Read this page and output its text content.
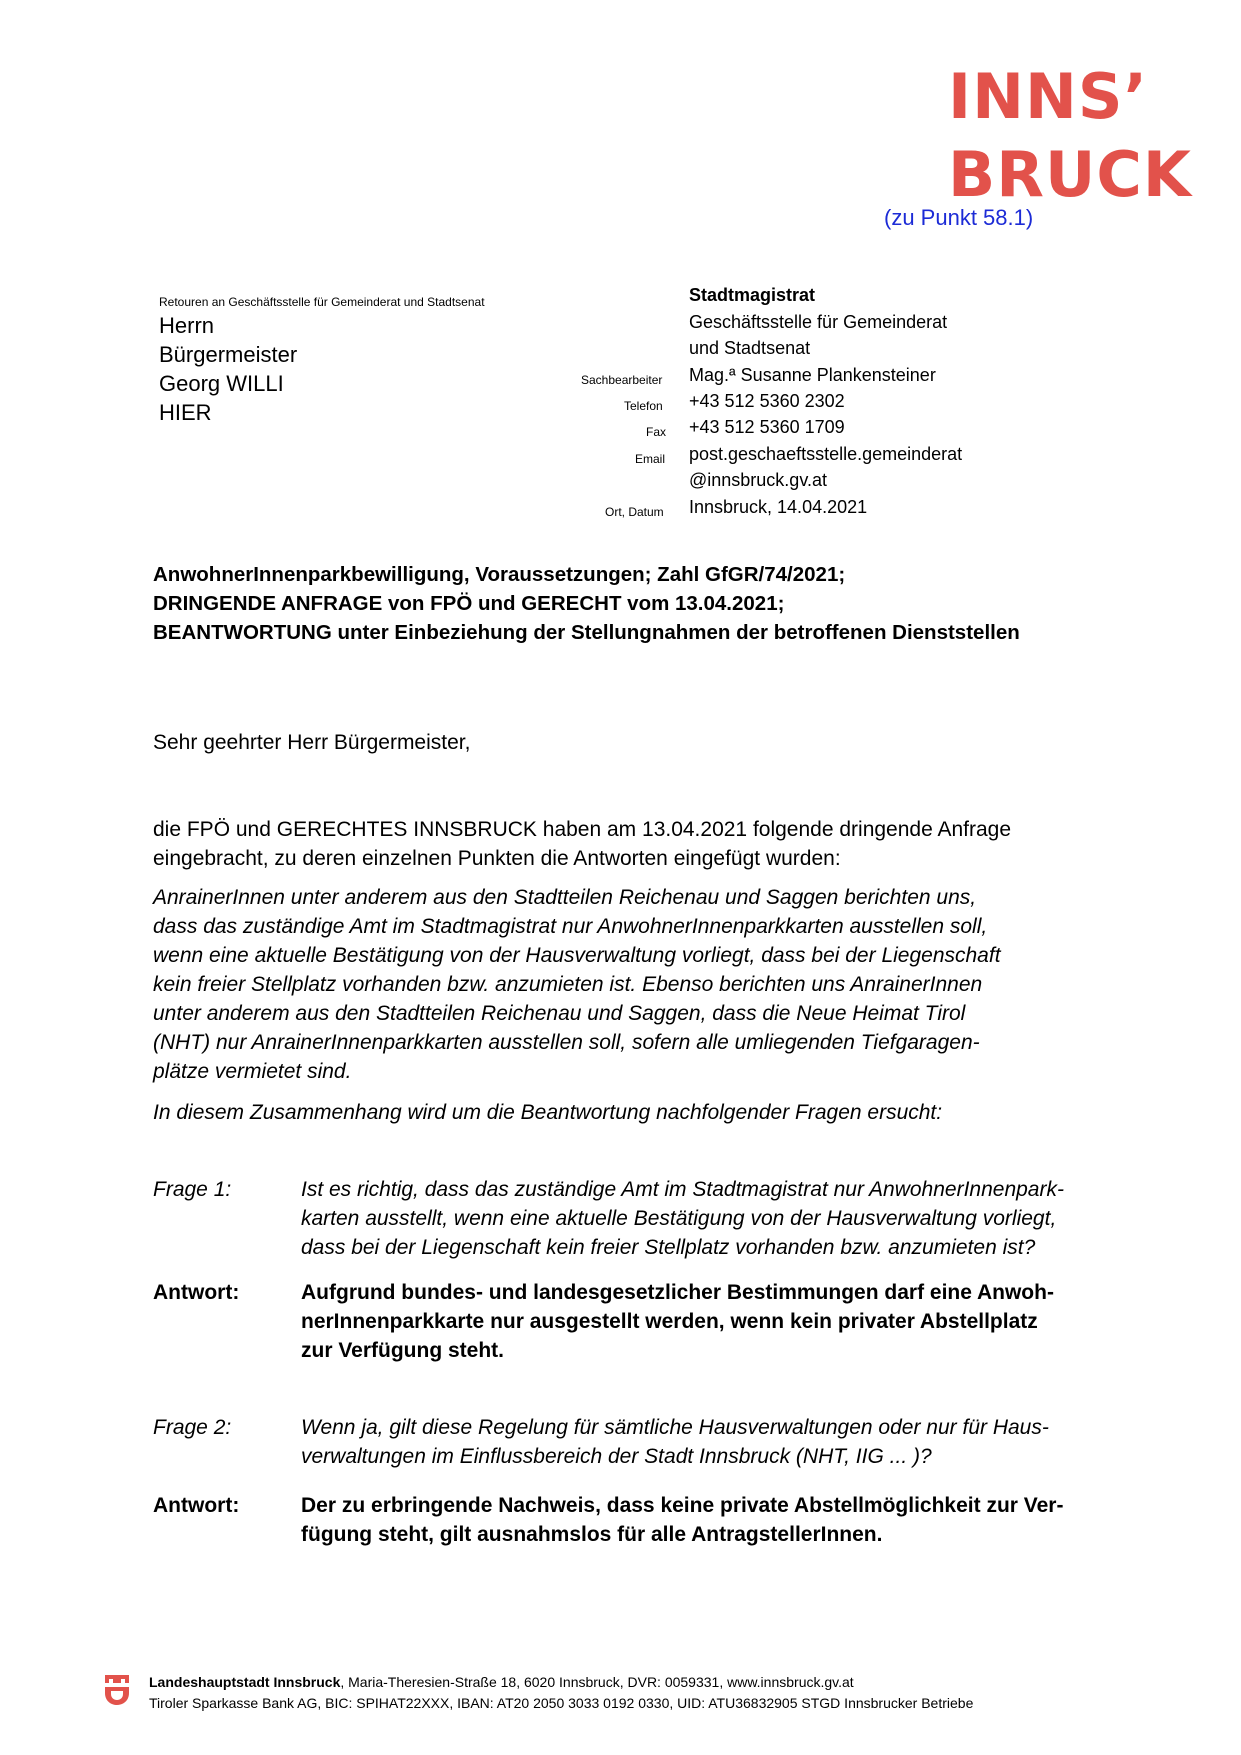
INNS’
BRUCK
(zu Punkt 58.1)
Retouren an Geschäftsstelle für Gemeinderat und Stadtsenat
Herrn
Bürgermeister
Georg WILLI
HIER
Stadtmagistrat
Geschäftsstelle für Gemeinderat
und Stadtsenat
Sachbearbeiter Mag.ª Susanne Plankensteiner
Telefon +43 512 5360 2302
Fax +43 512 5360 1709
Email post.geschaeftsstelle.gemeinderat
@innsbruck.gv.at
Ort, Datum Innsbruck, 14.04.2021
AnwohnerInnenparkbewilligung, Voraussetzungen; Zahl GfGR/74/2021;
DRINGENDE ANFRAGE von FPÖ und GERECHT vom 13.04.2021;
BEANTWORTUNG unter Einbeziehung der Stellungnahmen der betroffenen Dienststellen
Sehr geehrter Herr Bürgermeister,
die FPÖ und GERECHTES INNSBRUCK haben am 13.04.2021 folgende dringende Anfrage
eingebracht, zu deren einzelnen Punkten die Antworten eingefügt wurden:
AnrainerInnen unter anderem aus den Stadtteilen Reichenau und Saggen berichten uns,
dass das zuständige Amt im Stadtmagistrat nur AnwohnerInnenparkkarten ausstellen soll,
wenn eine aktuelle Bestätigung von der Hausverwaltung vorliegt, dass bei der Liegenschaft
kein freier Stellplatz vorhanden bzw. anzumieten ist. Ebenso berichten uns AnrainerInnen
unter anderem aus den Stadtteilen Reichenau und Saggen, dass die Neue Heimat Tirol
(NHT) nur AnrainerInnenparkkarten ausstellen soll, sofern alle umliegenden Tiefgaragen-
plätze vermietet sind.
In diesem Zusammenhang wird um die Beantwortung nachfolgender Fragen ersucht:
Frage 1:	Ist es richtig, dass das zuständige Amt im Stadtmagistrat nur AnwohnerInnenpark-
karten ausstellt, wenn eine aktuelle Bestätigung von der Hausverwaltung vorliegt,
dass bei der Liegenschaft kein freier Stellplatz vorhanden bzw. anzumieten ist?
Antwort:	Aufgrund bundes- und landesgesetzlicher Bestimmungen darf eine Anwoh-
nerInnenparkkarte nur ausgestellt werden, wenn kein privater Abstellplatz
zur Verfügung steht.
Frage 2:	Wenn ja, gilt diese Regelung für sämtliche Hausverwaltungen oder nur für Haus-
verwaltungen im Einflussbereich der Stadt Innsbruck (NHT, IIG ... )?
Antwort:	Der zu erbringende Nachweis, dass keine private Abstellmöglichkeit zur Ver-
fügung steht, gilt ausnahmslos für alle AntragstellerInnen.
Landeshauptstadt Innsbruck, Maria-Theresien-Straße 18, 6020 Innsbruck, DVR: 0059331, www.innsbruck.gv.at
Tiroler Sparkasse Bank AG, BIC: SPIHAT22XXX, IBAN: AT20 2050 3033 0192 0330, UID: ATU36832905 STGD Innsbrucker Betriebe
